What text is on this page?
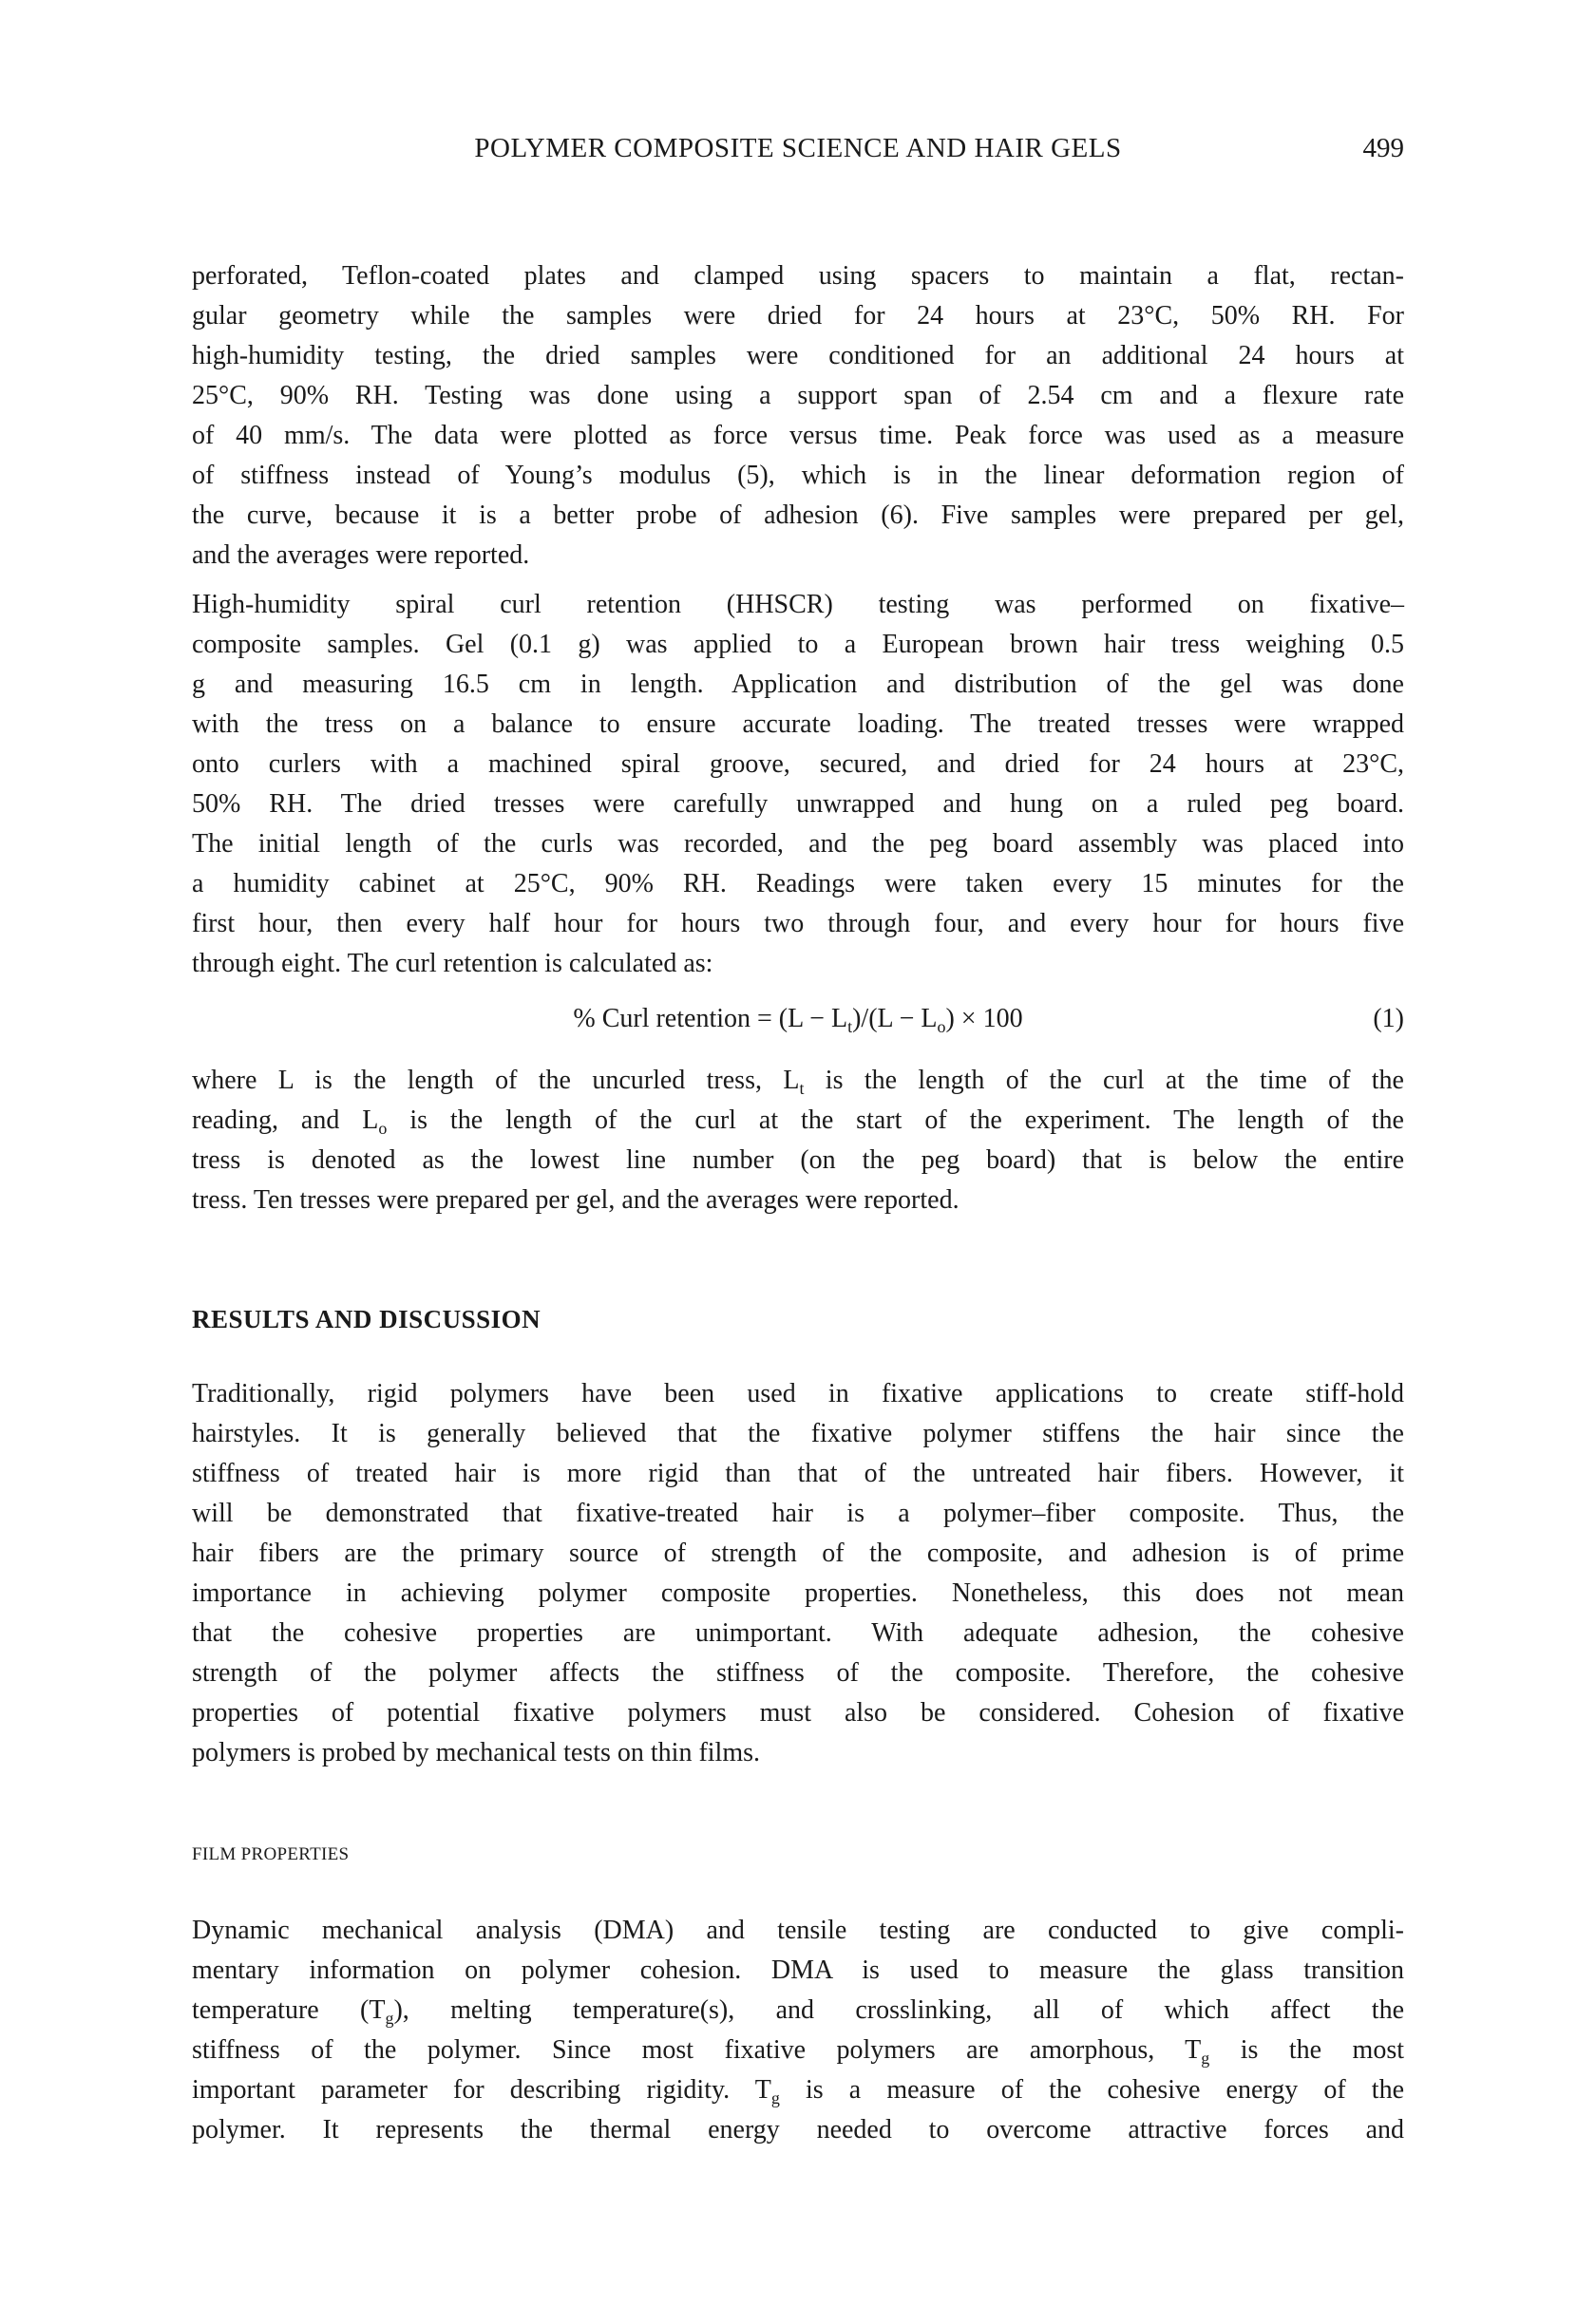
POLYMER COMPOSITE SCIENCE AND HAIR GELS	499
perforated, Teflon-coated plates and clamped using spacers to maintain a flat, rectan-
gular geometry while the samples were dried for 24 hours at 23°C, 50% RH. For
high-humidity testing, the dried samples were conditioned for an additional 24 hours at
25°C, 90% RH. Testing was done using a support span of 2.54 cm and a flexure rate
of 40 mm/s. The data were plotted as force versus time. Peak force was used as a measure
of stiffness instead of Young’s modulus (5), which is in the linear deformation region of
the curve, because it is a better probe of adhesion (6). Five samples were prepared per gel,
and the averages were reported.
High-humidity spiral curl retention (HHSCR) testing was performed on fixative–
composite samples. Gel (0.1 g) was applied to a European brown hair tress weighing 0.5
g and measuring 16.5 cm in length. Application and distribution of the gel was done
with the tress on a balance to ensure accurate loading. The treated tresses were wrapped
onto curlers with a machined spiral groove, secured, and dried for 24 hours at 23°C,
50% RH. The dried tresses were carefully unwrapped and hung on a ruled peg board.
The initial length of the curls was recorded, and the peg board assembly was placed into
a humidity cabinet at 25°C, 90% RH. Readings were taken every 15 minutes for the
first hour, then every half hour for hours two through four, and every hour for hours five
through eight. The curl retention is calculated as:
% Curl retention = $(L - L_t)/(L - L_o) \times 100$	(1)
where L is the length of the uncurled tress, $L_t$ is the length of the curl at the time of the
reading, and $L_o$ is the length of the curl at the start of the experiment. The length of the
tress is denoted as the lowest line number (on the peg board) that is below the entire
tress. Ten tresses were prepared per gel, and the averages were reported.
RESULTS AND DISCUSSION
Traditionally, rigid polymers have been used in fixative applications to create stiff-hold
hairstyles. It is generally believed that the fixative polymer stiffens the hair since the
stiffness of treated hair is more rigid than that of the untreated hair fibers. However, it
will be demonstrated that fixative-treated hair is a polymer–fiber composite. Thus, the
hair fibers are the primary source of strength of the composite, and adhesion is of prime
importance in achieving polymer composite properties. Nonetheless, this does not mean
that the cohesive properties are unimportant. With adequate adhesion, the cohesive
strength of the polymer affects the stiffness of the composite. Therefore, the cohesive
properties of potential fixative polymers must also be considered. Cohesion of fixative
polymers is probed by mechanical tests on thin films.
FILM PROPERTIES
Dynamic mechanical analysis (DMA) and tensile testing are conducted to give compli-
mentary information on polymer cohesion. DMA is used to measure the glass transition
temperature $(T_g)$, melting temperature(s), and crosslinking, all of which affect the
stiffness of the polymer. Since most fixative polymers are amorphous, $T_g$ is the most
important parameter for describing rigidity. $T_g$ is a measure of the cohesive energy of the
polymer. It represents the thermal energy needed to overcome attractive forces and
